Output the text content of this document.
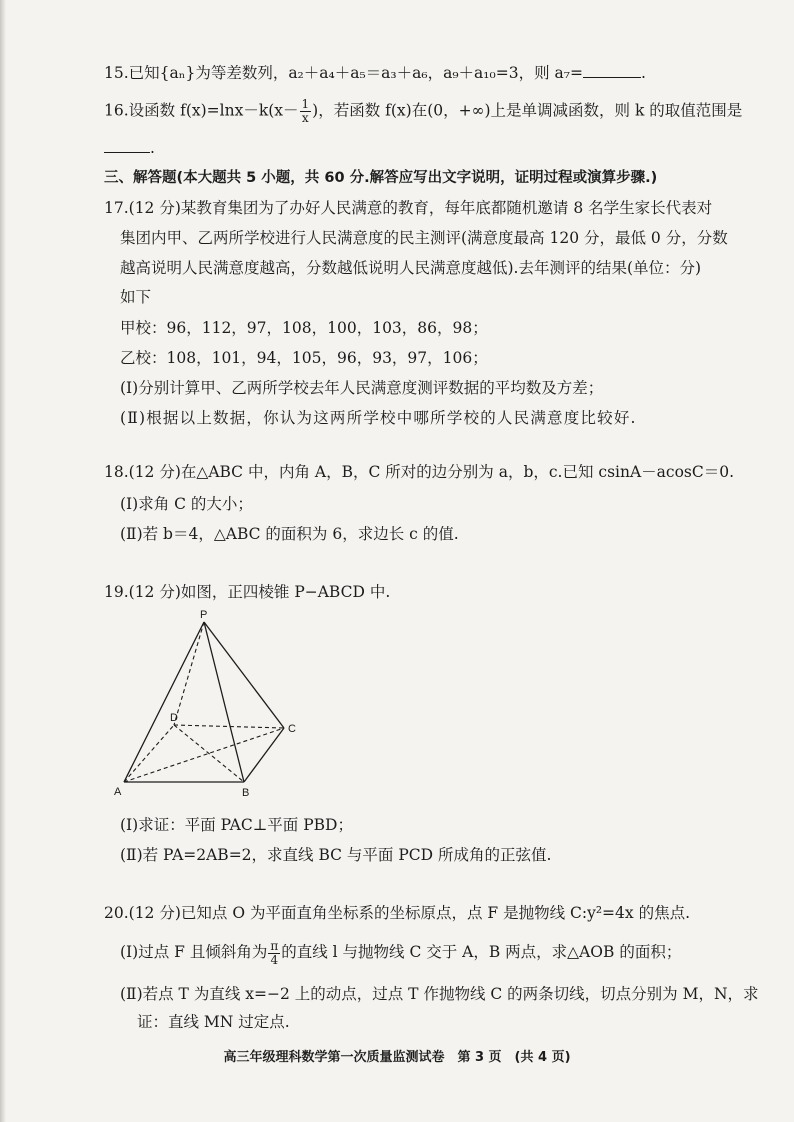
15.已知{aₙ}为等差数列，a₂＋a₄＋a₅＝a₃＋a₆，a₉＋a₁₀=3，则 a₇=	.
16.设函数 $f(x)=\ln x-k(x- \frac{1}{x}$ )，若函数 f(x)在(0，+∞)上是单调减函数，则 k 的取值范围是
.
三、解答题(本大题共 5 小题，共 60 分.解答应写出文字说明，证明过程或演算步骤.)
17.(12 分)某教育集团为了办好人民满意的教育，每年底都随机邀请 8 名学生家长代表对
集团内甲、乙两所学校进行人民满意度的民主测评(满意度最高 120 分，最低 0 分，分数
越高说明人民满意度越高，分数越低说明人民满意度越低).去年测评的结果(单位：分)
如下
甲校：96，112，97，108，100，103，86，98；
乙校：108，101，94，105，96，93，97，106；
(Ⅰ)分别计算甲、乙两所学校去年人民满意度测评数据的平均数及方差；
(Ⅱ)根据以上数据，你认为这两所学校中哪所学校的人民满意度比较好.
18.(12 分)在△ABC 中，内角 A，B，C 所对的边分别为 a，b，c.已知 csinA－acosC＝0.
(Ⅰ)求角 C 的大小；
(Ⅱ)若 b＝4，△ABC 的面积为 6，求边长 c 的值.
19.(12 分)如图，正四棱锥 P−ABCD 中.
P
A	B
C
D
(Ⅰ)求证：平面 PAC⊥平面 PBD；
(Ⅱ)若 PA=2AB=2，求直线 BC 与平面 PCD 所成角的正弦值.
20.(12 分)已知点 O 为平面直角坐标系的坐标原点，点 F 是抛物线 C:y²=4x 的焦点.
(Ⅰ)过点 F 且倾斜角为 $\frac{\pi}{4}$ 的直线 l 与抛物线 C 交于 A，B 两点，求△AOB 的面积；
(Ⅱ)若点 T 为直线 x=−2 上的动点，过点 T 作抛物线 C 的两条切线，切点分别为 M，N，求
证：直线 MN 过定点.
高三年级理科数学第一次质量监测试卷　第 3 页　(共 4 页)
